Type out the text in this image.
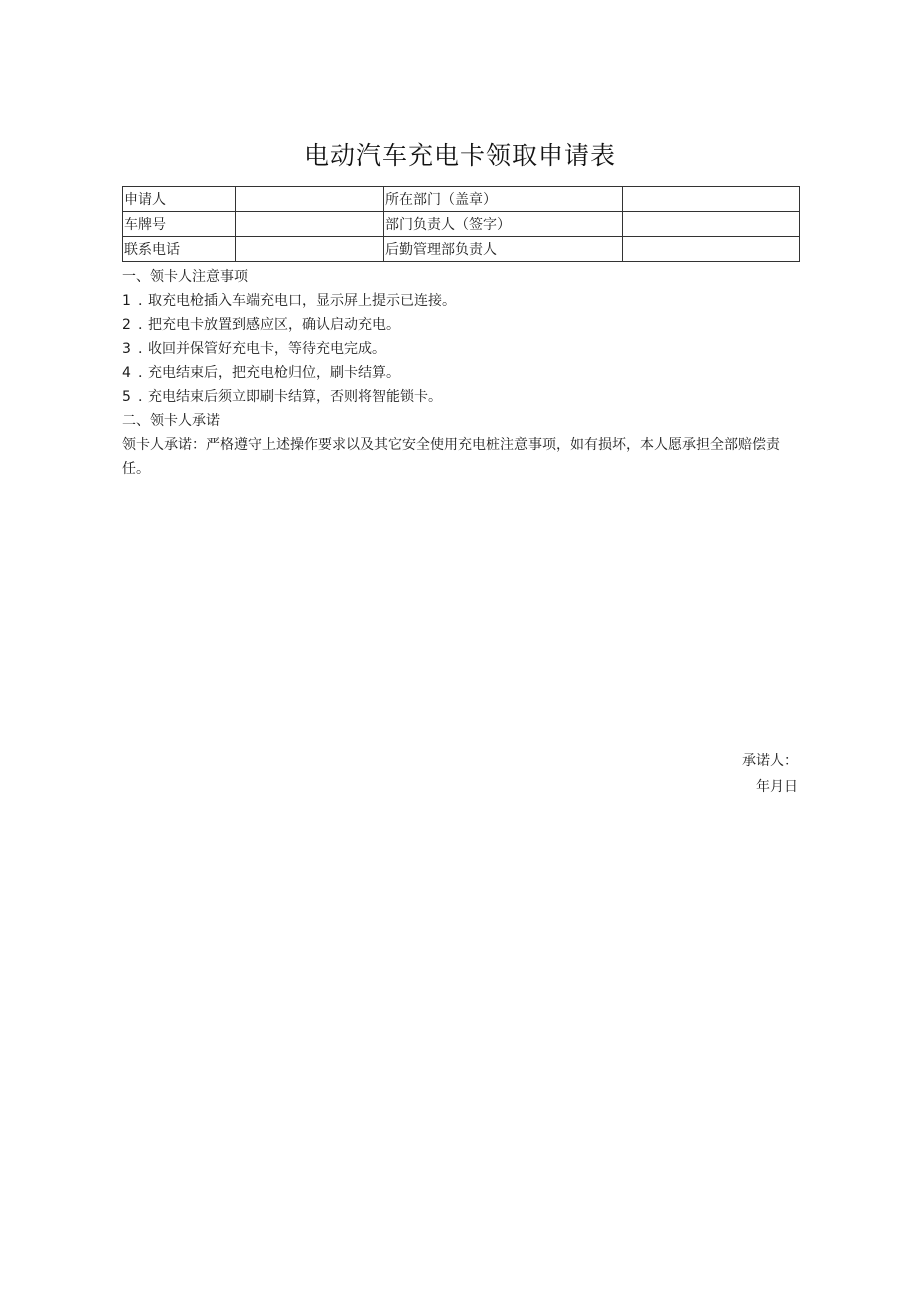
电动汽车充电卡领取申请表
申请人		所在部门（盖章）	
车牌号		部门负责人（签字）	
联系电话		后勤管理部负责人	
一、领卡人注意事项
1 . 取充电枪插入车端充电口，显示屏上提示已连接。
2 . 把充电卡放置到感应区，确认启动充电。
3 . 收回并保管好充电卡，等待充电完成。
4 . 充电结束后，把充电枪归位，刷卡结算。
5 . 充电结束后须立即刷卡结算，否则将智能锁卡。
二、领卡人承诺
领卡人承诺：严格遵守上述操作要求以及其它安全使用充电桩注意事项，如有损坏，本人愿承担全部赔偿责任。
承诺人：
年月日
